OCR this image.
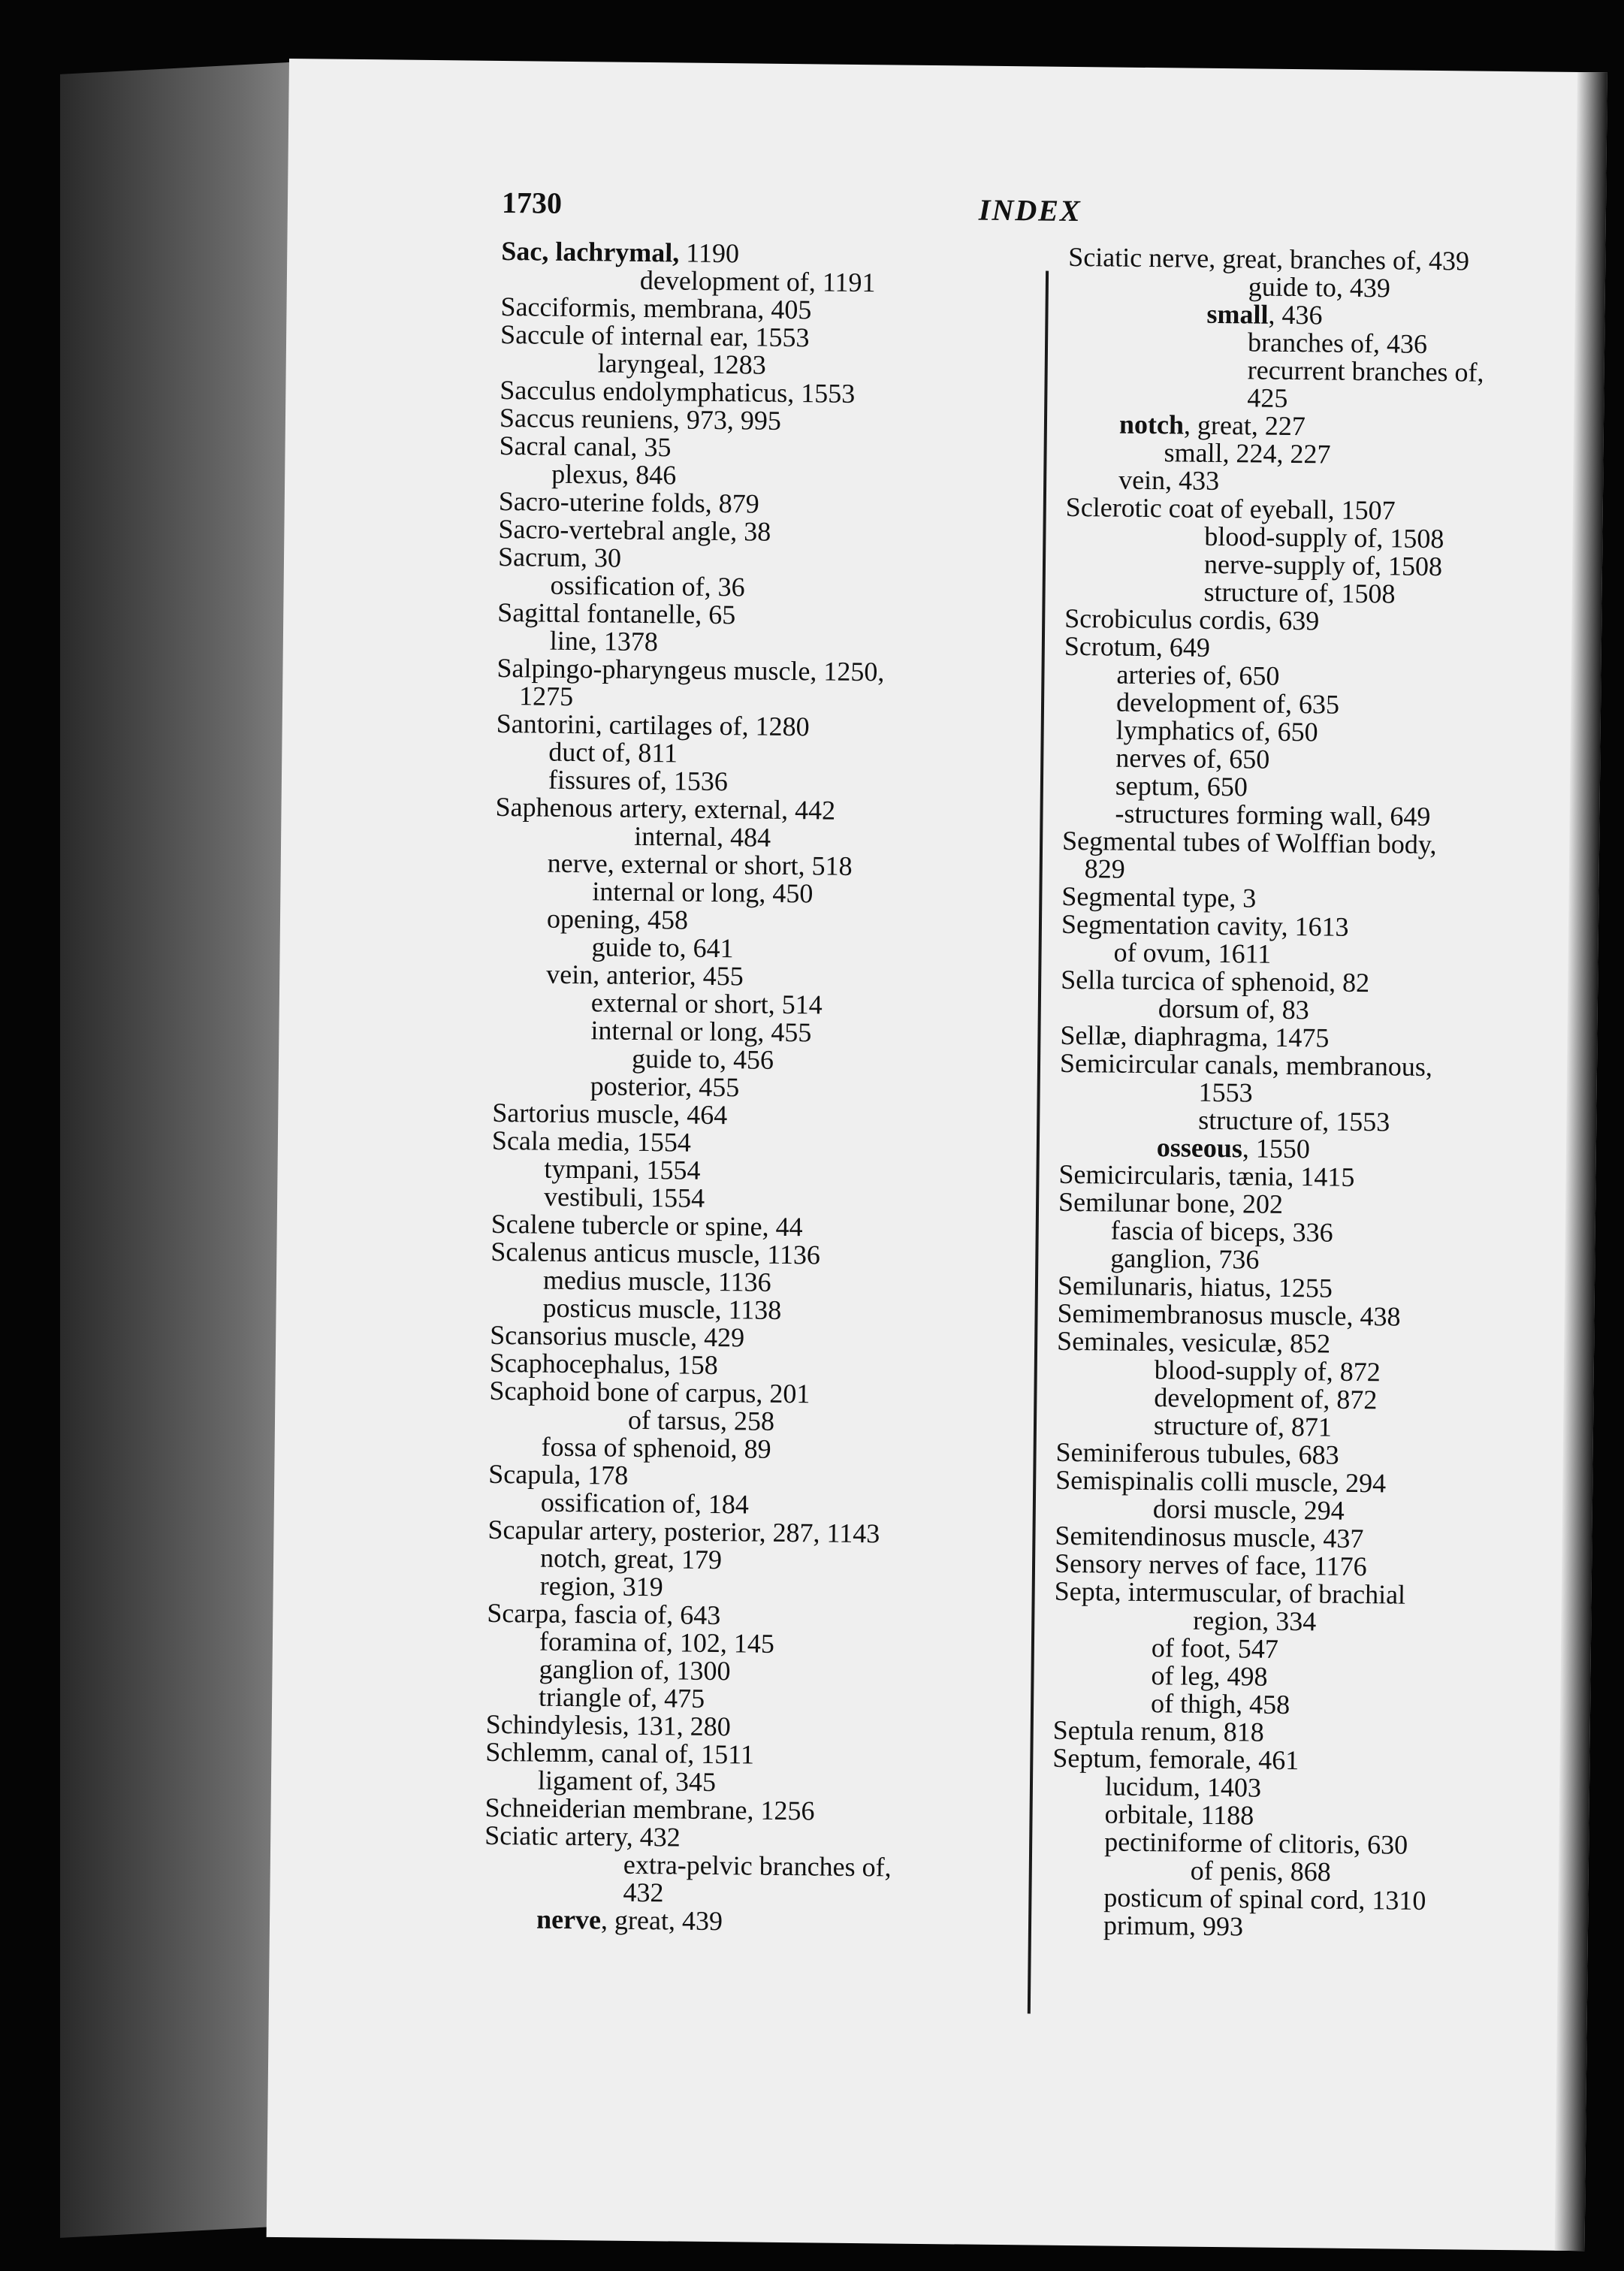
1730	INDEX
Sac, lachrymal, 1190
development of, 1191
Sacciformis, membrana, 405
Saccule of internal ear, 1553
laryngeal, 1283
Sacculus endolymphaticus, 1553
Saccus reuniens, 973, 995
Sacral canal, 35
plexus, 846
Sacro-uterine folds, 879
Sacro-vertebral angle, 38
Sacrum, 30
ossification of, 36
Sagittal fontanelle, 65
line, 1378
Salpingo-pharyngeus muscle, 1250,
1275
Santorini, cartilages of, 1280
duct of, 811
fissures of, 1536
Saphenous artery, external, 442
internal, 484
nerve, external or short, 518
internal or long, 450
opening, 458
guide to, 641
vein, anterior, 455
external or short, 514
internal or long, 455
guide to, 456
posterior, 455
Sartorius muscle, 464
Scala media, 1554
tympani, 1554
vestibuli, 1554
Scalene tubercle or spine, 44
Scalenus anticus muscle, 1136
medius muscle, 1136
posticus muscle, 1138
Scansorius muscle, 429
Scaphocephalus, 158
Scaphoid bone of carpus, 201
of tarsus, 258
fossa of sphenoid, 89
Scapula, 178
ossification of, 184
Scapular artery, posterior, 287, 1143
notch, great, 179
region, 319
Scarpa, fascia of, 643
foramina of, 102, 145
ganglion of, 1300
triangle of, 475
Schindylesis, 131, 280
Schlemm, canal of, 1511
ligament of, 345
Schneiderian membrane, 1256
Sciatic artery, 432
extra-pelvic branches of,
432
nerve, great, 439
Sciatic nerve, great, branches of, 439
guide to, 439
small, 436
branches of, 436
recurrent branches of,
425
notch, great, 227
small, 224, 227
vein, 433
Sclerotic coat of eyeball, 1507
blood-supply of, 1508
nerve-supply of, 1508
structure of, 1508
Scrobiculus cordis, 639
Scrotum, 649
arteries of, 650
development of, 635
lymphatics of, 650
nerves of, 650
septum, 650
-structures forming wall, 649
Segmental tubes of Wolffian body,
829
Segmental type, 3
Segmentation cavity, 1613
of ovum, 1611
Sella turcica of sphenoid, 82
dorsum of, 83
Sellæ, diaphragma, 1475
Semicircular canals, membranous,
1553
structure of, 1553
osseous, 1550
Semicircularis, tænia, 1415
Semilunar bone, 202
fascia of biceps, 336
ganglion, 736
Semilunaris, hiatus, 1255
Semimembranosus muscle, 438
Seminales, vesiculæ, 852
blood-supply of, 872
development of, 872
structure of, 871
Seminiferous tubules, 683
Semispinalis colli muscle, 294
dorsi muscle, 294
Semitendinosus muscle, 437
Sensory nerves of face, 1176
Septa, intermuscular, of brachial
region, 334
of foot, 547
of leg, 498
of thigh, 458
Septula renum, 818
Septum, femorale, 461
lucidum, 1403
orbitale, 1188
pectiniforme of clitoris, 630
of penis, 868
posticum of spinal cord, 1310
primum, 993
